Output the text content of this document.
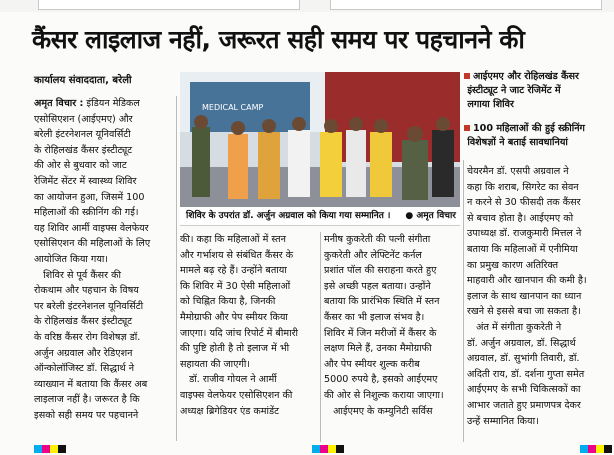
कैंसर लाइलाज नहीं, जरूरत सही समय पर पहचानने की
कार्यालय संवाददाता, बरेली
अमृत विचार : इंडियन मेडिकल
एसोसिएशन (आईएमए) और
बरेली इंटरनेशनल यूनिवर्सिटी
के रोहिलखंड कैंसर इंस्टीट्यूट
की ओर से बुधवार को जाट
रेजिमेंट सेंटर में स्वास्थ्य शिविर
का आयोजन हुआ, जिसमें 100
महिलाओं की स्क्रीनिंग की गई।
यह शिविर आर्मी वाइफ्स वेलफेयर
एसोसिएशन की महिलाओं के लिए
आयोजित किया गया।
शिविर से पूर्व कैंसर की
रोकथाम और पहचान के विषय
पर बरेली इंटरनेशनल यूनिवर्सिटी
के रोहिलखंड कैंसर इंस्टीट्यूट
के वरिष्ठ कैंसर रोग विशेषज्ञ डॉ.
अर्जुन अग्रवाल और रेडिएशन
ऑन्कोलॉजिस्ट डॉ. सिद्धार्थ ने
व्याख्यान में बताया कि कैंसर अब
लाइलाज नहीं है। जरूरत है कि
इसको सही समय पर पहचानने
MEDICAL CAMP
शिविर के उपरांत डॉ. अर्जुन अग्रवाल को किया गया सम्मानित । ● अमृत विचार
आईएमए और रोहिलखंड कैंसर
इंस्टीट्यूट ने जाट रेजिमेंट में
लगाया शिविर
100 महिलाओं की हुई स्क्रीनिंग
विशेषज्ञों ने बताई सावधानियां
की। कहा कि महिलाओं में स्तन
और गर्भाशय से संबंधित कैंसर के
मामले बढ़ रहे हैं। उन्होंने बताया
कि शिविर में 30 ऐसी महिलाओं
को चिह्नित किया है, जिनकी
मैमोग्राफी और पेप स्मीयर किया
जाएगा। यदि जांच रिपोर्ट में बीमारी
की पुष्टि होती है तो इलाज में भी
सहायता की जाएगी।
डॉ. राजीव गोयल ने आर्मी
वाइफ्स वेलफेयर एसोसिएशन की
अध्यक्ष ब्रिगेडियर एंड कमांडेंट
मनीष कुकरेती की पत्नी संगीता
कुकरेती और लेफ्टिनेंट कर्नल
प्रशांत पॉल की सराहना करते हुए
इसे अच्छी पहल बताया। उन्होंने
बताया कि प्रारंभिक स्थिति में स्तन
कैंसर का भी इलाज संभव है।
शिविर में जिन मरीजों में कैंसर के
लक्षण मिले हैं, उनका मैमोग्राफी
और पेप स्मीयर शुल्क करीब
5000 रुपये है, इसको आईएमए
की ओर से निशुल्क कराया जाएगा।
आईएमए के कम्युनिटी सर्विस
चेयरमैन डॉ. एसपी अग्रवाल ने
कहा कि शराब, सिगरेट का सेवन
न करने से 30 फीसदी तक कैंसर
से बचाव होता है। आईएमए को
उपाध्यक्ष डॉ. राजकुमारी मित्तल ने
बताया कि महिलाओं में एनीमिया
का प्रमुख कारण अतिरिक्त
माहवारी और खानपान की कमी है।
इलाज के साथ खानपान का ध्यान
रखने से इससे बचा जा सकता है।
अंत में संगीता कुकरेती ने
डॉ. अर्जुन अग्रवाल, डॉ. सिद्धार्थ
अग्रवाल, डॉ. सुभांगी तिवारी, डॉ.
अदिती राय, डॉ. दर्शना गुप्ता समेत
आईएमए के सभी चिकित्सकों का
आभार जताते हुए प्रमाणपत्र देकर
उन्हें सम्मानित किया।
